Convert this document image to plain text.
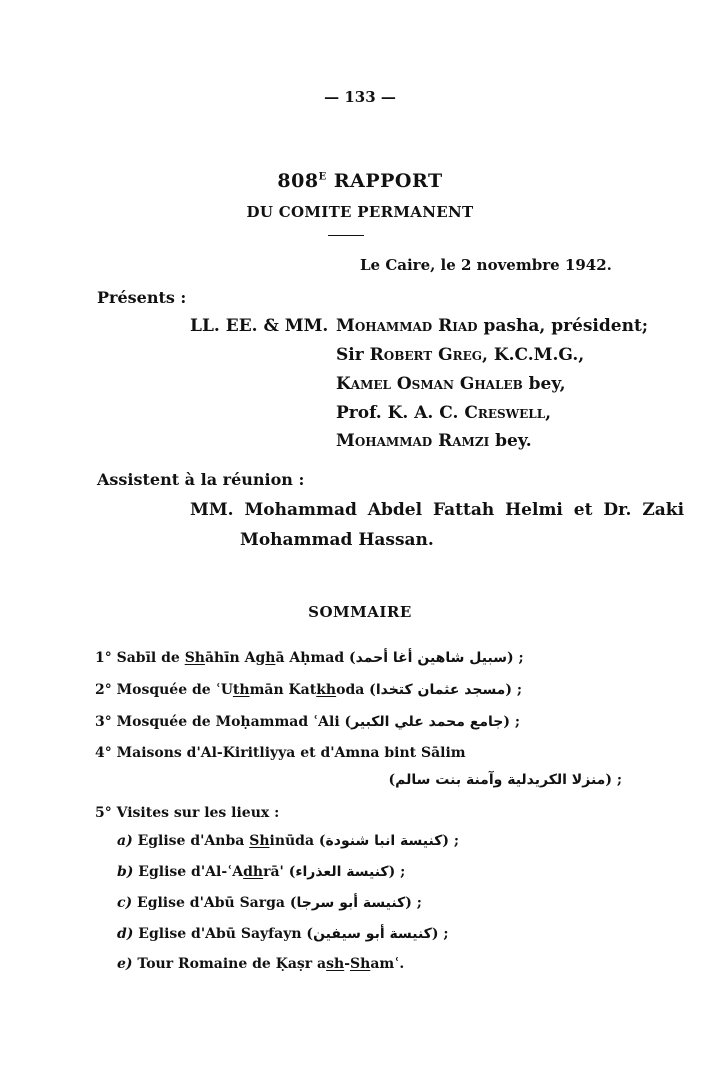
— 133 —
$808^E$ RAPPORT
DU COMITE PERMANENT
Le Caire, le 2 novembre 1942.
Présents :
LL. EE. & MM. Mohammad Riad pasha, président;
Sir Robert Greg, K.C.M.G.,
Kamel Osman Ghaleb bey,
Prof. K. A. C. Creswell,
Mohammad Ramzi bey.
Assistent à la réunion :
MM. Mohammad Abdel Fattah Helmi et Dr. Zaki
Mohammad Hassan.
SOMMAIRE
1° Sabīl de Shāhīn Aghā Aḥmad (سبيل شاهين أغا أحمد) ;
2° Mosquée de ʿUthmān Katkhoda (مسجد عثمان كتخدا) ;
3° Mosquée de Moḥammad ʿAli (جامع محمد علي الكبير) ;
4° Maisons d'Al-Kiritliyya et d'Amna bint Sālim
(منزلا الكريدلية وآمنة بنت سالم) ;
5° Visites sur les lieux :
a) Eglise d'Anba Shinūda (كنيسة انبا شنودة) ;
b) Eglise d'Al-ʿAdhrā' (كنيسة العذراء) ;
c) Eglise d'Abū Sarga (كنيسة أبو سرجا) ;
d) Eglise d'Abū Sayfayn (كنيسة أبو سيفين) ;
e) Tour Romaine de Ḳaṣr ash-Shamʿ.
